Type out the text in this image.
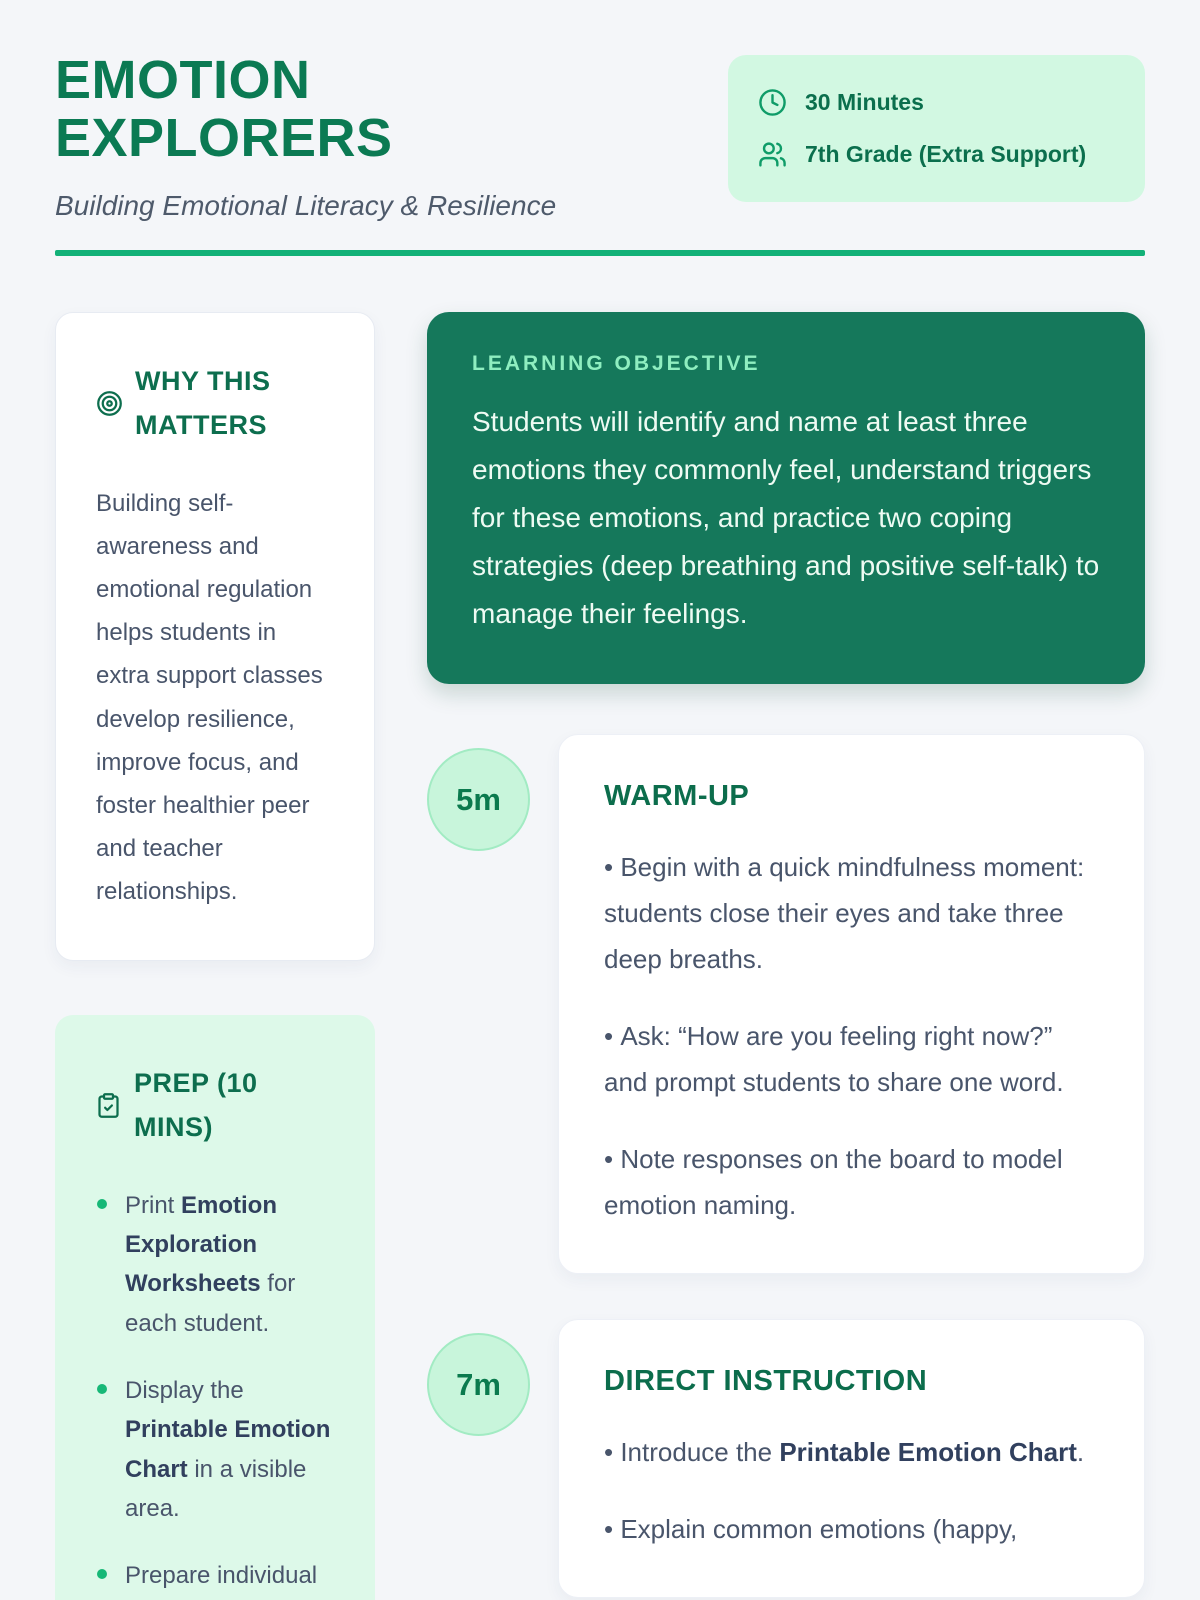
EMOTION EXPLORERS
Building Emotional Literacy & Resilience
30 Minutes
7th Grade (Extra Support)
WHY THIS MATTERS

Building self-awareness and emotional regulation helps students in extra support classes develop resilience, improve focus, and foster healthier peer and teacher relationships.

PREP (10 MINS)
Print Emotion Exploration Worksheets for each student.
Display the Printable Emotion Chart in a visible area.
Prepare individual
LEARNING OBJECTIVE

Students will identify and name at least three emotions they commonly feel, understand triggers for these emotions, and practice two coping strategies (deep breathing and positive self-talk) to manage their feelings.

5m	WARM-UP

• Begin with a quick mindfulness moment: students close their eyes and take three deep breaths.

• Ask: “How are you feeling right now?” and prompt students to share one word.

• Note responses on the board to model emotion naming.

7m	DIRECT INSTRUCTION

• Introduce the Printable Emotion Chart.

• Explain common emotions (happy,
